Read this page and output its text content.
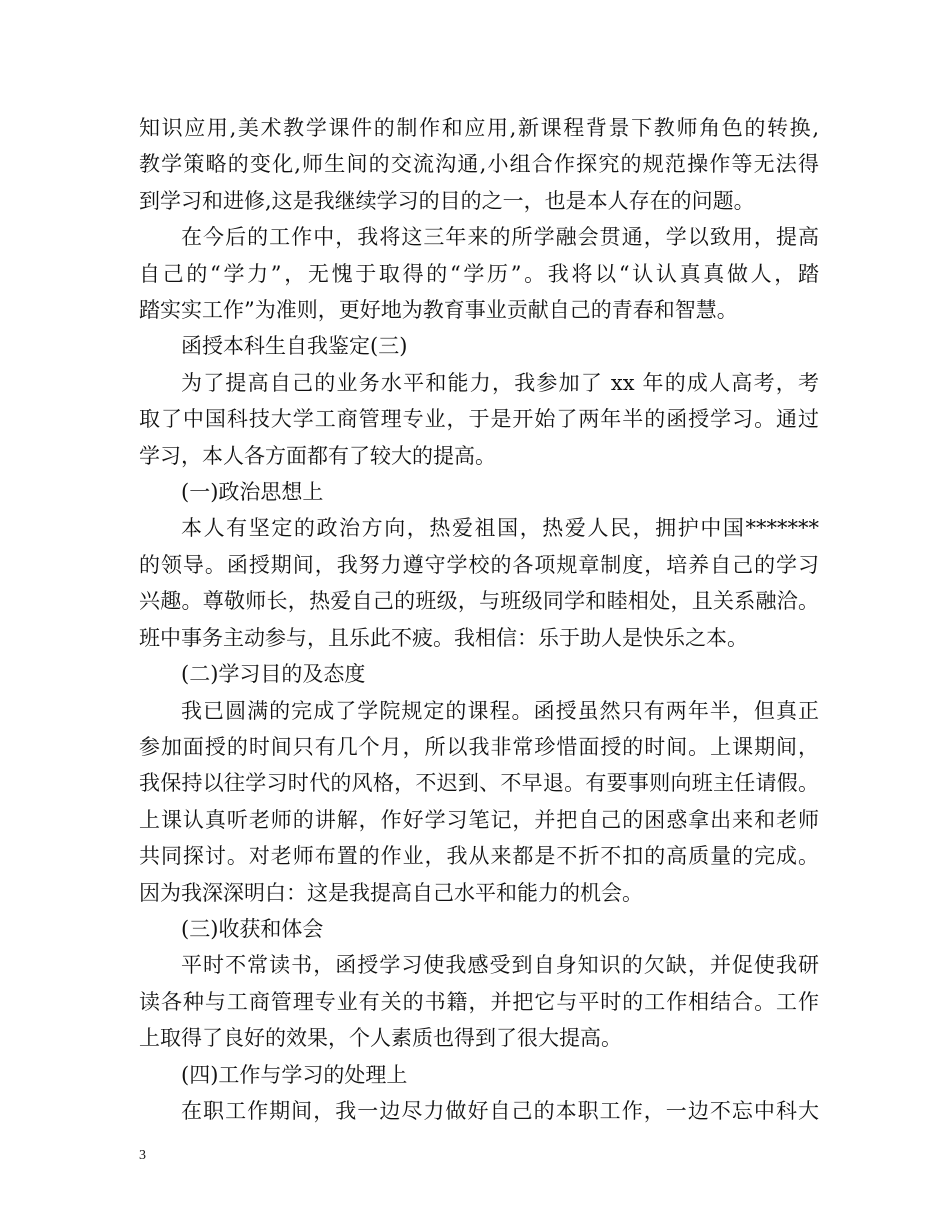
知识应用,美术教学课件的制作和应用,新课程背景下教师角色的转换,
教学策略的变化,师生间的交流沟通,小组合作探究的规范操作等无法得
到学习和进修,这是我继续学习的目的之一，也是本人存在的问题。
在今后的工作中，我将这三年来的所学融会贯通，学以致用，提高
自己的“学力”，无愧于取得的“学历”。我将以“认认真真做人，踏
踏实实工作”为准则，更好地为教育事业贡献自己的青春和智慧。
函授本科生自我鉴定(三)
为了提高自己的业务水平和能力，我参加了 xx 年的成人高考，考
取了中国科技大学工商管理专业，于是开始了两年半的函授学习。通过
学习，本人各方面都有了较大的提高。
(一)政治思想上
本人有坚定的政治方向，热爱祖国，热爱人民，拥护中国*******
的领导。函授期间，我努力遵守学校的各项规章制度，培养自己的学习
兴趣。尊敬师长，热爱自己的班级，与班级同学和睦相处，且关系融洽。
班中事务主动参与，且乐此不疲。我相信：乐于助人是快乐之本。
(二)学习目的及态度
我已圆满的完成了学院规定的课程。函授虽然只有两年半，但真正
参加面授的时间只有几个月，所以我非常珍惜面授的时间。上课期间，
我保持以往学习时代的风格，不迟到、不早退。有要事则向班主任请假。
上课认真听老师的讲解，作好学习笔记，并把自己的困惑拿出来和老师
共同探讨。对老师布置的作业，我从来都是不折不扣的高质量的完成。
因为我深深明白：这是我提高自己水平和能力的机会。
(三)收获和体会
平时不常读书，函授学习使我感受到自身知识的欠缺，并促使我研
读各种与工商管理专业有关的书籍，并把它与平时的工作相结合。工作
上取得了良好的效果，个人素质也得到了很大提高。
(四)工作与学习的处理上
在职工作期间，我一边尽力做好自己的本职工作，一边不忘中科大
3
